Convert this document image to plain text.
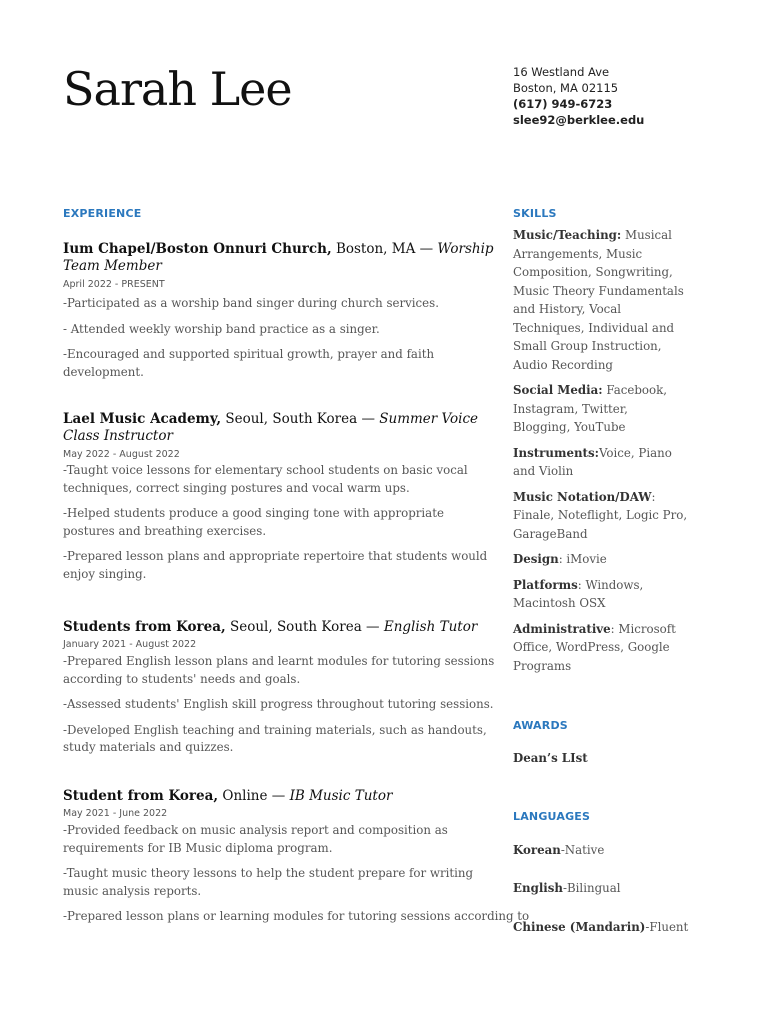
Sarah Lee	16 Westland Ave
Boston, MA 02115
(617) 949-6723
slee92@berklee.edu
EXPERIENCE
Ium Chapel/Boston Onnuri Church, Boston, MA — Worship Team Member
April 2022 - PRESENT
-Participated as a worship band singer during church services.
- Attended weekly worship band practice as a singer.
-Encouraged and supported spiritual growth, prayer and faith development.
Lael Music Academy, Seoul, South Korea — Summer Voice Class Instructor
May 2022 - August 2022
-Taught voice lessons for elementary school students on basic vocal techniques, correct singing postures and vocal warm ups.
-Helped students produce a good singing tone with appropriate postures and breathing exercises.
-Prepared lesson plans and appropriate repertoire that students would enjoy singing.
Students from Korea, Seoul, South Korea — English Tutor
January 2021 - August 2022
-Prepared English lesson plans and learnt modules for tutoring sessions according to students' needs and goals.
-Assessed students' English skill progress throughout tutoring sessions.
-Developed English teaching and training materials, such as handouts, study materials and quizzes.
Student from Korea, Online — IB Music Tutor
May 2021 - June 2022
-Provided feedback on music analysis report and composition as requirements for IB Music diploma program.
-Taught music theory lessons to help the student prepare for writing music analysis reports.
-Prepared lesson plans or learning modules for tutoring sessions according to
SKILLS
Music/Teaching: Musical Arrangements, Music Composition, Songwriting, Music Theory Fundamentals and History, Vocal Techniques, Individual and Small Group Instruction, Audio Recording
Social Media: Facebook, Instagram, Twitter, Blogging, YouTube
Instruments:Voice, Piano and Violin
Music Notation/DAW: Finale, Noteflight, Logic Pro, GarageBand
Design: iMovie
Platforms: Windows, Macintosh OSX
Administrative: Microsoft Office, WordPress, Google Programs
AWARDS
Dean’s LIst
LANGUAGES
Korean-Native
English-Bilingual
Chinese (Mandarin)-Fluent
